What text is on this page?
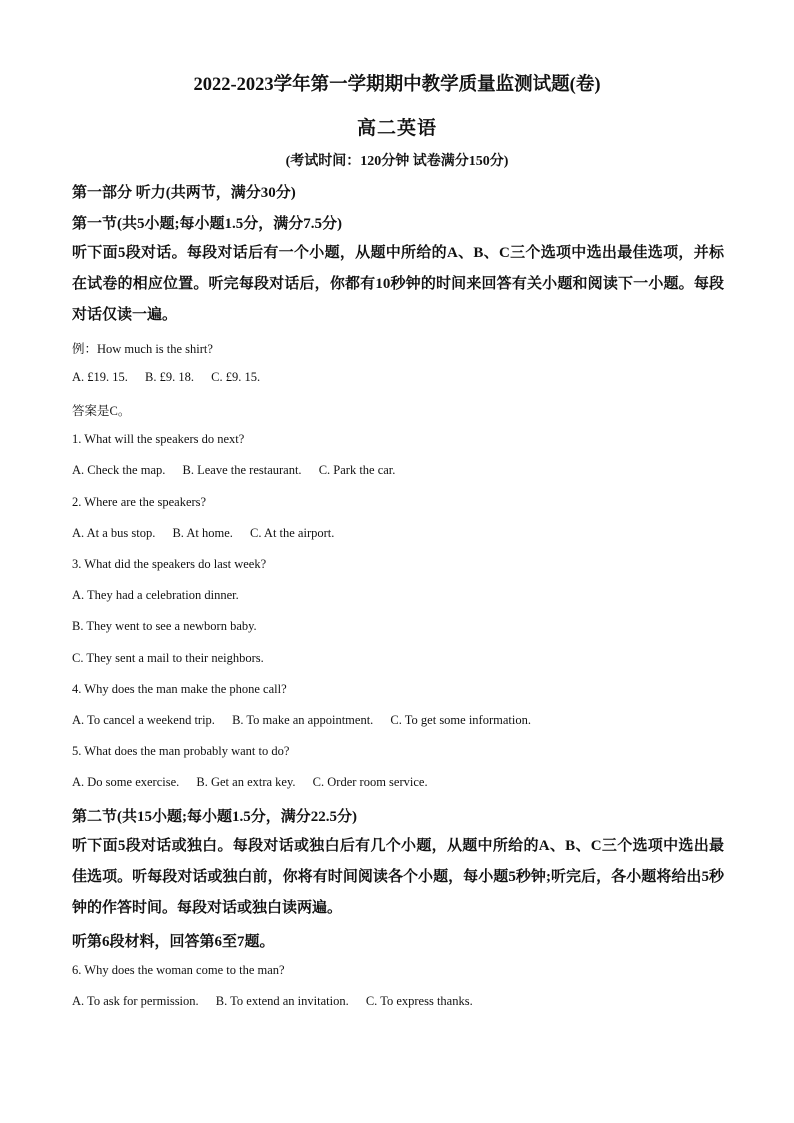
2022-2023学年第一学期期中教学质量监测试题(卷)
高二英语
(考试时间：120分钟 试卷满分150分)
第一部分 听力(共两节，满分30分)
第一节(共5小题;每小题1.5分，满分7.5分)
听下面5段对话。每段对话后有一个小题，从题中所给的A、B、C三个选项中选出最佳选项，并标在试卷的相应位置。听完每段对话后，你都有10秒钟的时间来回答有关小题和阅读下一小题。每段对话仅读一遍。
例：How much is the shirt?
A. £19. 15. B. £9. 18. C. £9. 15.
答案是C。
1. What will the speakers do next?
A. Check the map. B. Leave the restaurant. C. Park the car.
2. Where are the speakers?
A. At a bus stop. B. At home. C. At the airport.
3. What did the speakers do last week?
A. They had a celebration dinner.
B. They went to see a newborn baby.
C. They sent a mail to their neighbors.
4. Why does the man make the phone call?
A. To cancel a weekend trip. B. To make an appointment. C. To get some information.
5. What does the man probably want to do?
A. Do some exercise. B. Get an extra key. C. Order room service.
第二节(共15小题;每小题1.5分，满分22.5分)
听下面5段对话或独白。每段对话或独白后有几个小题，从题中所给的A、B、C三个选项中选出最佳选项。听每段对话或独白前，你将有时间阅读各个小题，每小题5秒钟;听完后，各小题将给出5秒钟的作答时间。每段对话或独白读两遍。
听第6段材料，回答第6至7题。
6. Why does the woman come to the man?
A. To ask for permission. B. To extend an invitation. C. To express thanks.
